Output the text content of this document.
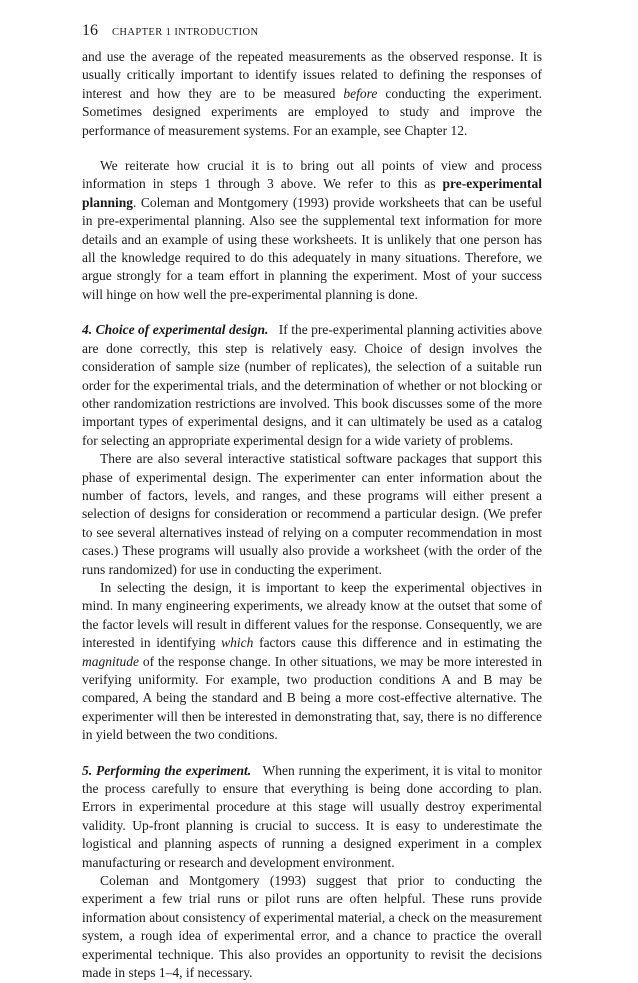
16 CHAPTER 1 INTRODUCTION

and use the average of the repeated measurements as the observed response. It is usually critically important to identify issues related to defining the responses of interest and how they are to be measured before conducting the experiment. Sometimes designed experiments are employed to study and improve the performance of measurement systems. For an example, see Chapter 12.

We reiterate how crucial it is to bring out all points of view and process information in steps 1 through 3 above. We refer to this as pre-experimental planning. Coleman and Montgomery (1993) provide worksheets that can be useful in pre-experimental planning. Also see the supplemental text information for more details and an example of using these worksheets. It is unlikely that one person has all the knowledge required to do this adequately in many situations. Therefore, we argue strongly for a team effort in planning the experiment. Most of your success will hinge on how well the pre-experimental planning is done.

4. Choice of experimental design. If the pre-experimental planning activities above are done correctly, this step is relatively easy. Choice of design involves the consideration of sample size (number of replicates), the selection of a suitable run order for the experimental trials, and the determination of whether or not blocking or other randomization restrictions are involved. This book discusses some of the more important types of experimental designs, and it can ultimately be used as a catalog for selecting an appropriate experimental design for a wide variety of problems.

There are also several interactive statistical software packages that support this phase of experimental design. The experimenter can enter information about the number of factors, levels, and ranges, and these programs will either present a selection of designs for consideration or recommend a particular design. (We prefer to see several alternatives instead of relying on a computer recommendation in most cases.) These programs will usually also provide a worksheet (with the order of the runs randomized) for use in conducting the experiment.

In selecting the design, it is important to keep the experimental objectives in mind. In many engineering experiments, we already know at the outset that some of the factor levels will result in different values for the response. Consequently, we are interested in identifying which factors cause this difference and in estimating the magnitude of the response change. In other situations, we may be more interested in verifying uniformity. For example, two production conditions A and B may be compared, A being the standard and B being a more cost-effective alternative. The experimenter will then be interested in demonstrating that, say, there is no difference in yield between the two conditions.

5. Performing the experiment. When running the experiment, it is vital to monitor the process carefully to ensure that everything is being done according to plan. Errors in experimental procedure at this stage will usually destroy experimental validity. Up-front planning is crucial to success. It is easy to underestimate the logistical and planning aspects of running a designed experiment in a complex manufacturing or research and development environment.

Coleman and Montgomery (1993) suggest that prior to conducting the experiment a few trial runs or pilot runs are often helpful. These runs provide information about consistency of experimental material, a check on the measurement system, a rough idea of experimental error, and a chance to practice the overall experimental technique. This also provides an opportunity to revisit the decisions made in steps 1–4, if necessary.
